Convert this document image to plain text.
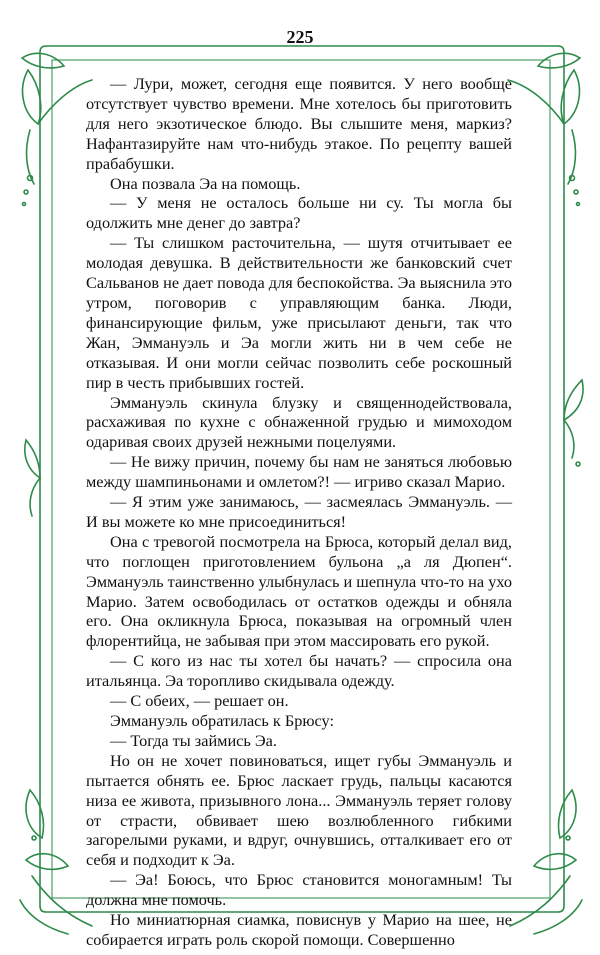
225

— Лури, может, сегодня еще появится. У него вообще отсутствует чувство времени. Мне хотелось бы приготовить для него экзотическое блюдо. Вы слышите меня, маркиз? Нафантазируйте нам что-нибудь этакое. По рецепту вашей прабабушки.

Она позвала Эа на помощь.

— У меня не осталось больше ни су. Ты могла бы одолжить мне денег до завтра?

— Ты слишком расточительна, — шутя отчитывает ее молодая девушка. В действительности же банковский счет Сальванов не дает повода для беспокойства. Эа выяснила это утром, поговорив с управляющим банка. Люди, финансирующие фильм, уже присылают деньги, так что Жан, Эммануэль и Эа могли жить ни в чем себе не отказывая. И они могли сейчас позволить себе роскошный пир в честь прибывших гостей.

Эммануэль скинула блузку и священнодействовала, расхаживая по кухне с обнаженной грудью и мимоходом одаривая своих друзей нежными поцелуями.

— Не вижу причин, почему бы нам не заняться любовью между шампиньонами и омлетом?! — игриво сказал Марио.

— Я этим уже занимаюсь, — засмеялась Эммануэль. — И вы можете ко мне присоединиться!

Она с тревогой посмотрела на Брюса, который делал вид, что поглощен приготовлением бульона „а ля Дюпен“. Эммануэль таинственно улыбнулась и шепнула что-то на ухо Марио. Затем освободилась от остатков одежды и обняла его. Она окликнула Брюса, показывая на огромный член флорентийца, не забывая при этом массировать его рукой.

— С кого из нас ты хотел бы начать? — спросила она итальянца. Эа торопливо скидывала одежду.

— С обеих, — решает он.

Эммануэль обратилась к Брюсу:

— Тогда ты займись Эа.

Но он не хочет повиноваться, ищет губы Эммануэль и пытается обнять ее. Брюс ласкает грудь, пальцы касаются низа ее живота, призывного лона... Эммануэль теряет голову от страсти, обвивает шею возлюбленного гибкими загорелыми руками, и вдруг, очнувшись, отталкивает его от себя и подходит к Эа.

— Эа! Боюсь, что Брюс становится моногамным! Ты должна мне помочь.

Но миниатюрная сиамка, повиснув у Марио на шее, не собирается играть роль скорой помощи. Совершенно
